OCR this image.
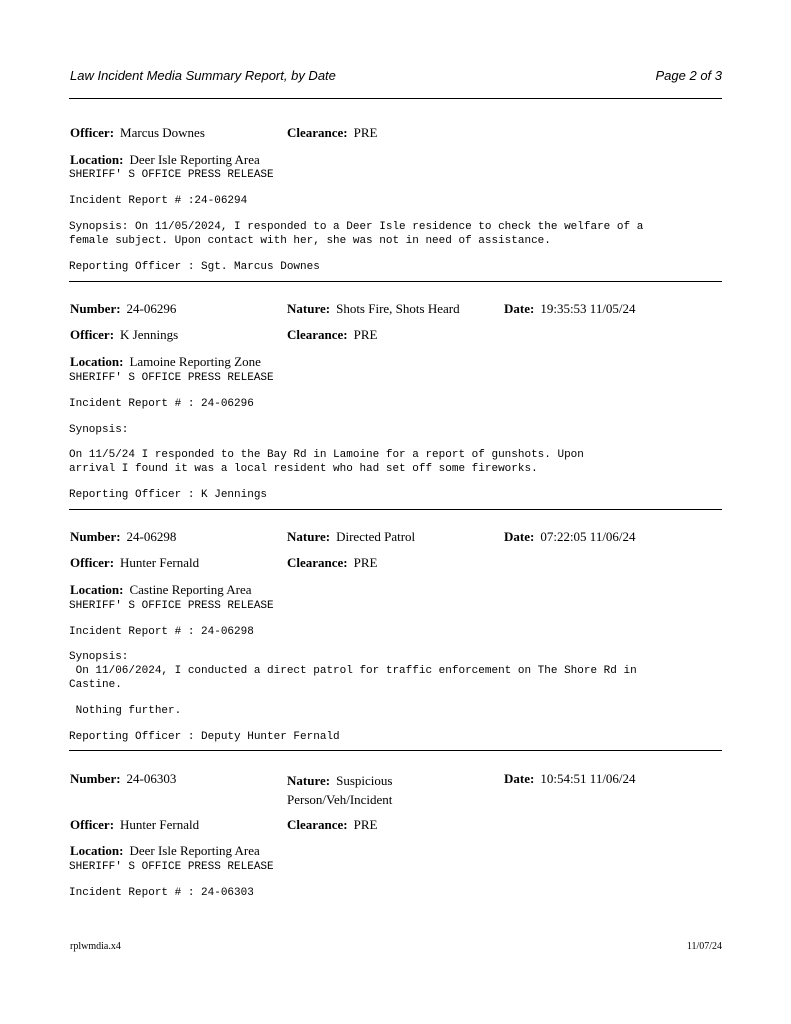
Law Incident Media Summary Report, by Date	Page 2 of 3
Officer: Marcus Downes	Clearance: PRE
Location: Deer Isle Reporting Area
SHERIFF' S OFFICE PRESS RELEASE
Incident Report # :24-06294
Synopsis: On 11/05/2024, I responded to a Deer Isle residence to check the welfare of a
female subject. Upon contact with her, she was not in need of assistance.
Reporting Officer : Sgt. Marcus Downes
Number: 24-06296	Nature: Shots Fire, Shots Heard	Date: 19:35:53 11/05/24
Officer: K Jennings	Clearance: PRE
Location: Lamoine Reporting Zone
SHERIFF' S OFFICE PRESS RELEASE
Incident Report # : 24-06296
Synopsis:
On 11/5/24 I responded to the Bay Rd in Lamoine for a report of gunshots. Upon
arrival I found it was a local resident who had set off some fireworks.
Reporting Officer : K Jennings
Number: 24-06298	Nature: Directed Patrol	Date: 07:22:05 11/06/24
Officer: Hunter Fernald	Clearance: PRE
Location: Castine Reporting Area
SHERIFF' S OFFICE PRESS RELEASE
Incident Report # : 24-06298
Synopsis:
On 11/06/2024, I conducted a direct patrol for traffic enforcement on The Shore Rd in
Castine.
Nothing further.
Reporting Officer : Deputy Hunter Fernald
Number: 24-06303	Nature: Suspicious
Person/Veh/Incident
Date: 10:54:51 11/06/24
Officer: Hunter Fernald	Clearance: PRE
Location: Deer Isle Reporting Area
SHERIFF' S OFFICE PRESS RELEASE
Incident Report # : 24-06303
rplwmdia.x4	11/07/24
